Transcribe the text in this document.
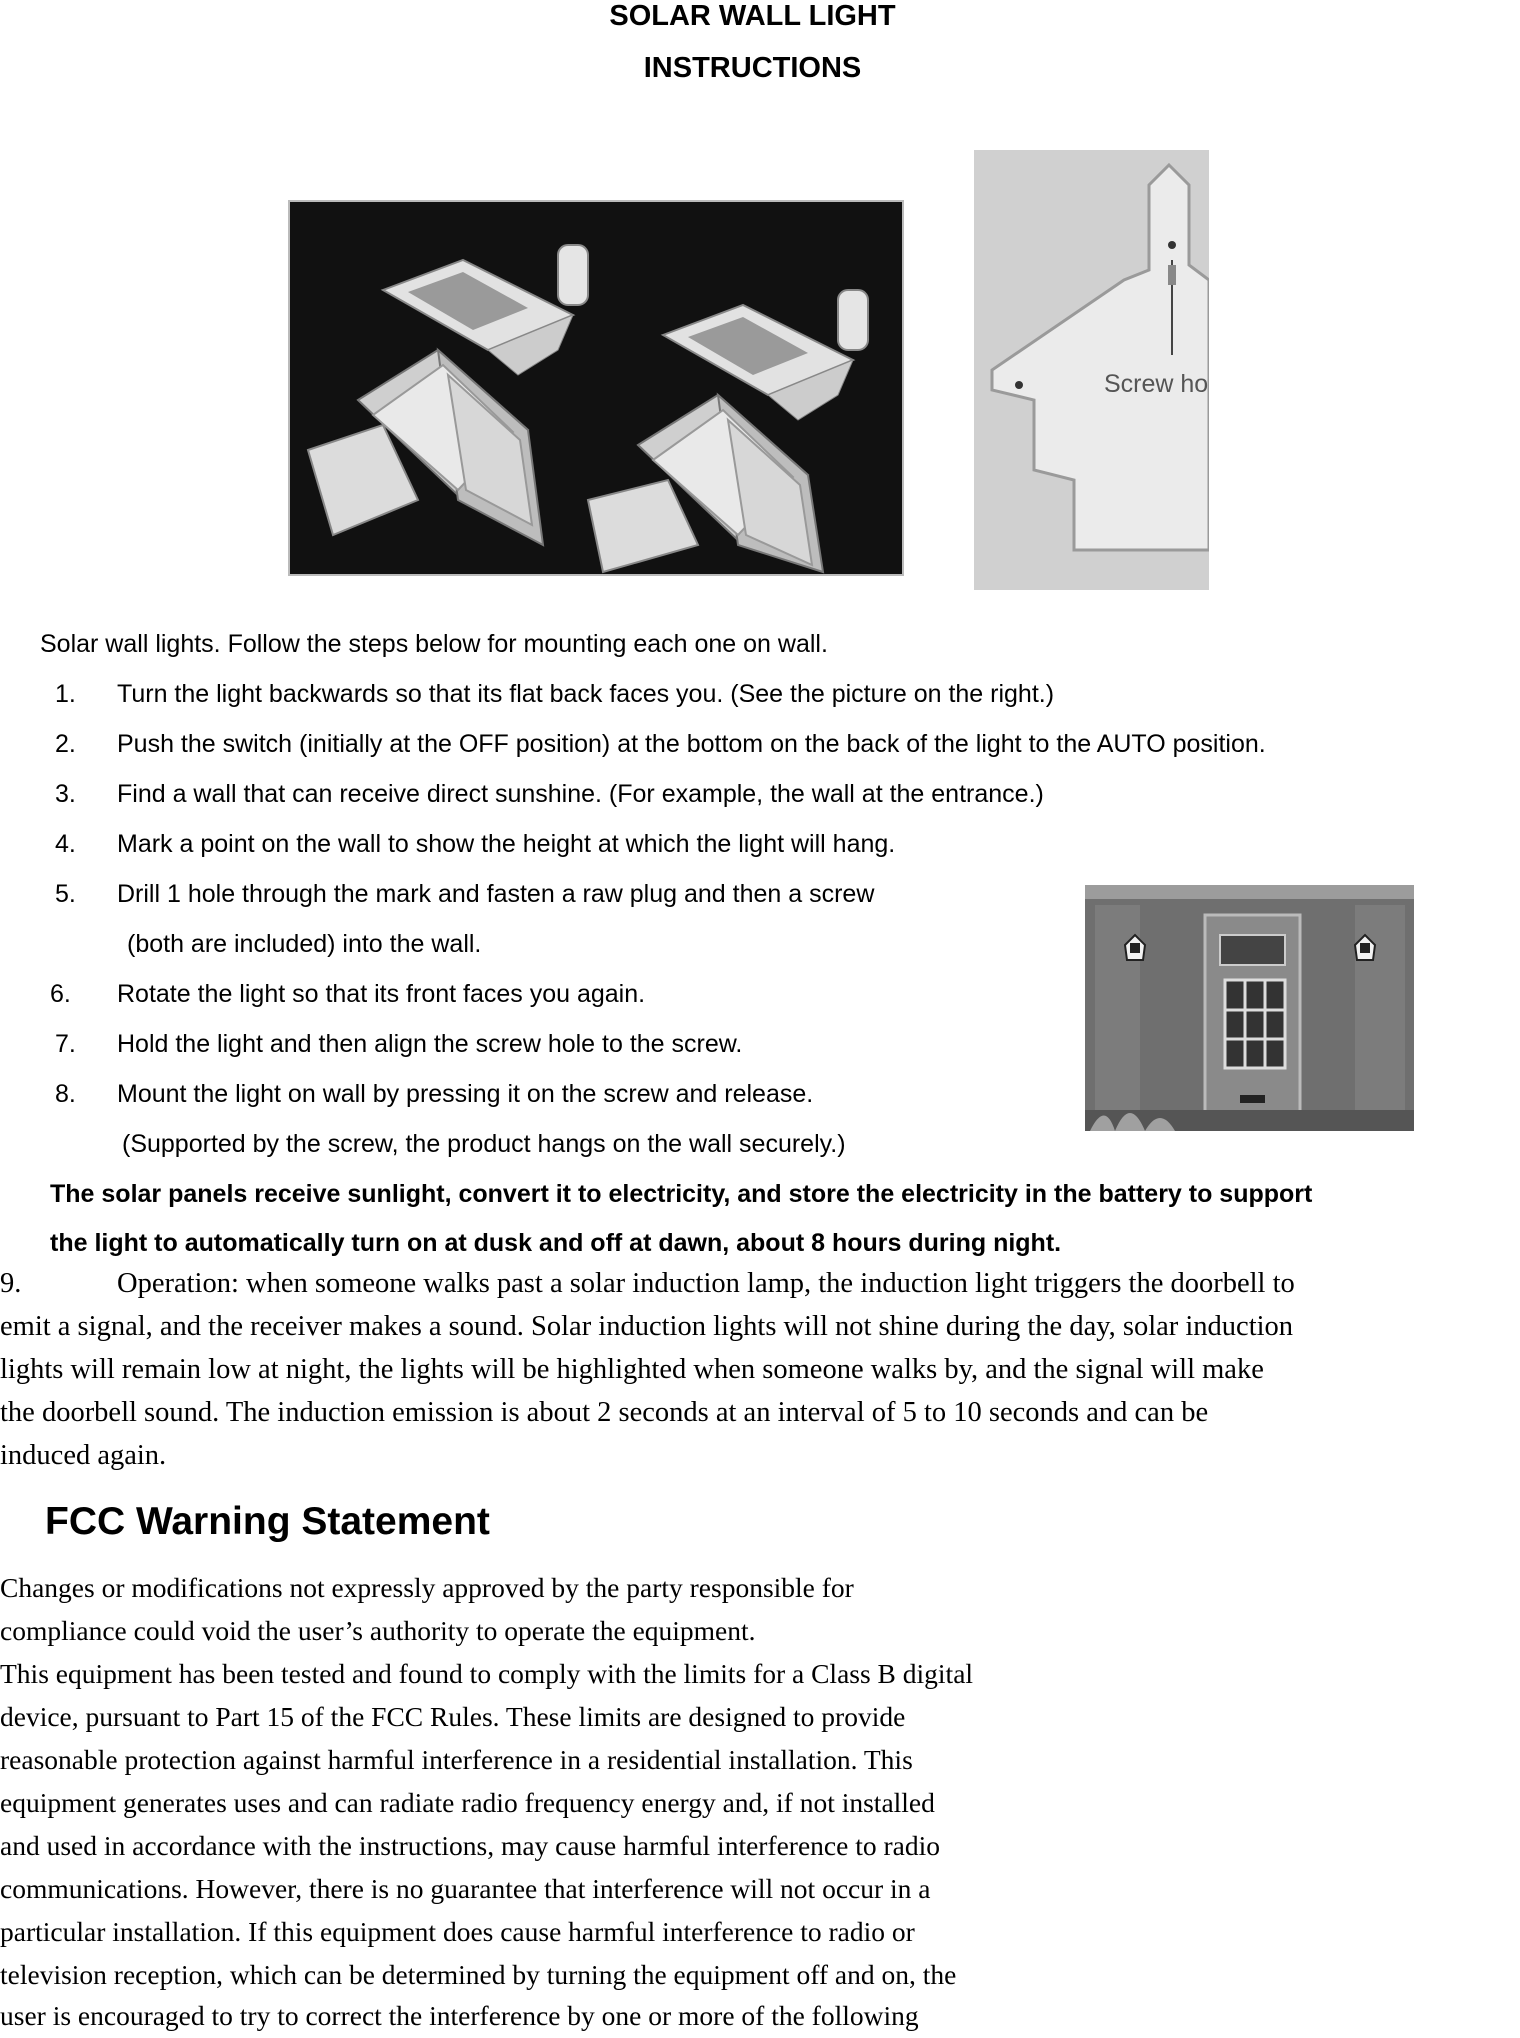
SOLAR WALL LIGHT
INSTRUCTIONS
Screw ho
Solar wall lights. Follow the steps below for mounting each one on wall.
1. Turn the light backwards so that its flat back faces you. (See the picture on the right.)
2. Push the switch (initially at the OFF position) at the bottom on the back of the light to the AUTO position.
3. Find a wall that can receive direct sunshine. (For example, the wall at the entrance.)
4. Mark a point on the wall to show the height at which the light will hang.
5. Drill 1 hole through the mark and fasten a raw plug and then a screw
(both are included) into the wall.
6. Rotate the light so that its front faces you again.
7. Hold the light and then align the screw hole to the screw.
8. Mount the light on wall by pressing it on the screw and release.
(Supported by the screw, the product hangs on the wall securely.)
The solar panels receive sunlight, convert it to electricity, and store the electricity in the battery to support
the light to automatically turn on at dusk and off at dawn, about 8 hours during night.
9.	Operation: when someone walks past a solar induction lamp, the induction light triggers the doorbell to
emit a signal, and the receiver makes a sound. Solar induction lights will not shine during the day, solar induction
lights will remain low at night, the lights will be highlighted when someone walks by, and the signal will make
the doorbell sound. The induction emission is about 2 seconds at an interval of 5 to 10 seconds and can be
induced again.
FCC Warning Statement
Changes or modifications not expressly approved by the party responsible for
compliance could void the user’s authority to operate the equipment.
This equipment has been tested and found to comply with the limits for a Class B digital
device, pursuant to Part 15 of the FCC Rules. These limits are designed to provide
reasonable protection against harmful interference in a residential installation. This
equipment generates uses and can radiate radio frequency energy and, if not installed
and used in accordance with the instructions, may cause harmful interference to radio
communications. However, there is no guarantee that interference will not occur in a
particular installation. If this equipment does cause harmful interference to radio or
television reception, which can be determined by turning the equipment off and on, the
user is encouraged to try to correct the interference by one or more of the following
